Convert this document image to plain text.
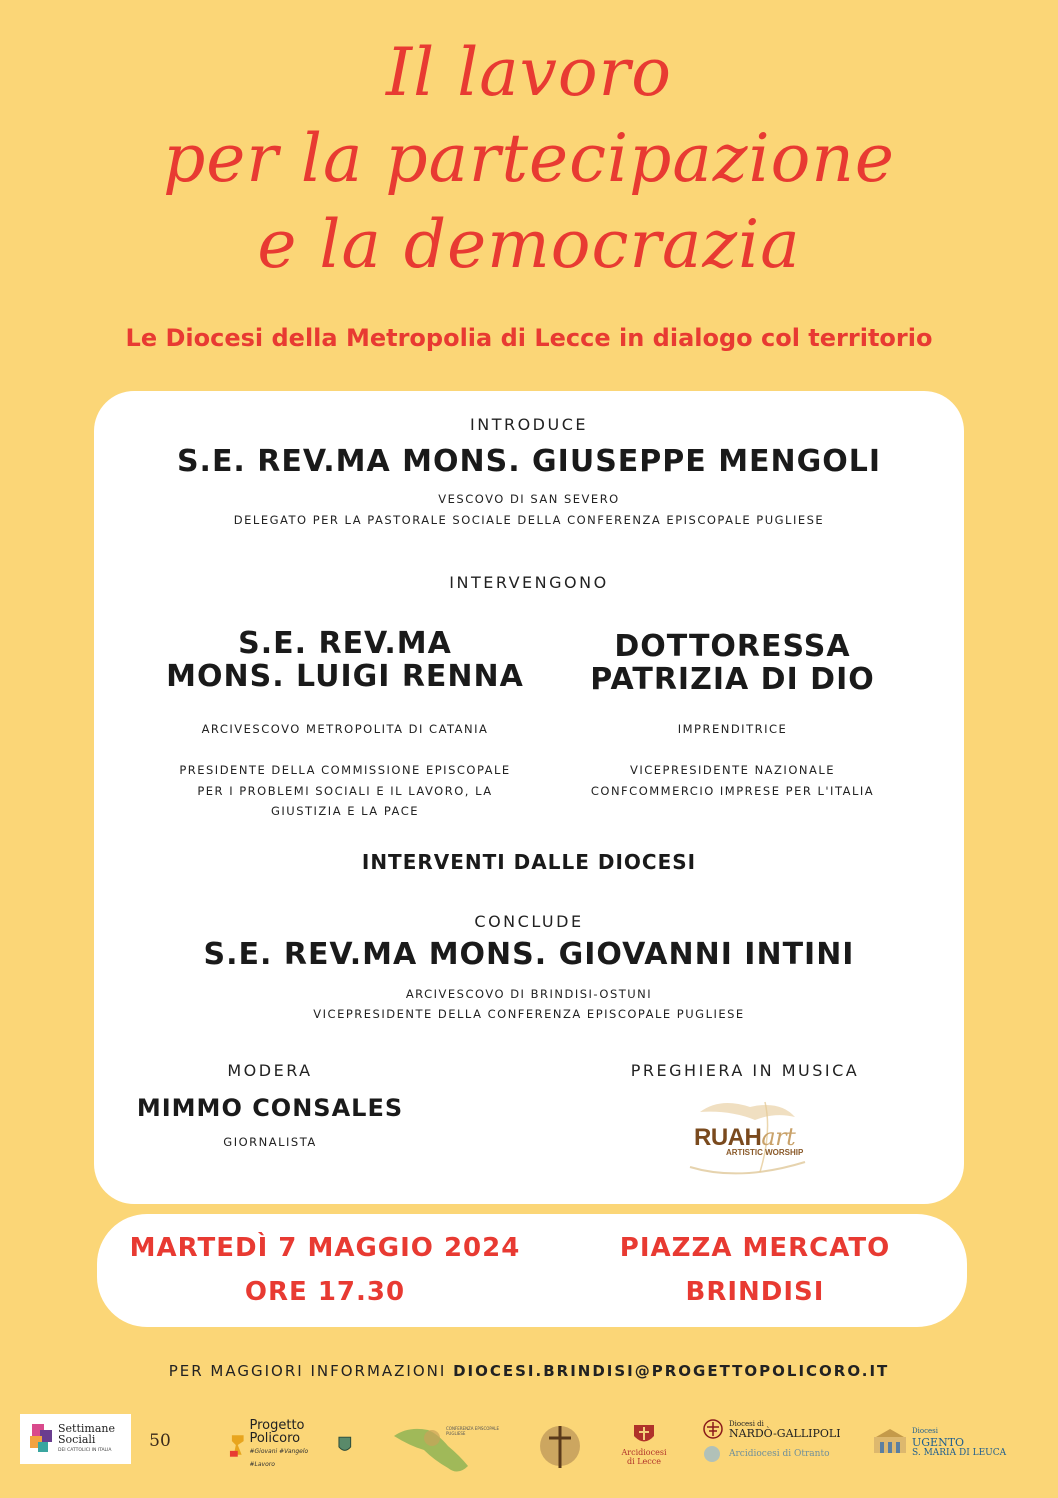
Il lavoro
per la partecipazione
e la democrazia
Le Diocesi della Metropolia di Lecce in dialogo col territorio
INTRODUCE
S.E. REV.MA MONS. GIUSEPPE MENGOLI
VESCOVO DI SAN SEVERO
DELEGATO PER LA PASTORALE SOCIALE DELLA CONFERENZA EPISCOPALE PUGLIESE
INTERVENGONO
S.E. REV.MA
MONS. LUIGI RENNA
ARCIVESCOVO METROPOLITA DI CATANIA
PRESIDENTE DELLA COMMISSIONE EPISCOPALE
PER I PROBLEMI SOCIALI E IL LAVORO, LA
GIUSTIZIA E LA PACE
DOTTORESSA
PATRIZIA DI DIO
IMPRENDITRICE
VICEPRESIDENTE NAZIONALE
CONFCOMMERCIO IMPRESE PER L'ITALIA
INTERVENTI DALLE DIOCESI
CONCLUDE
S.E. REV.MA MONS. GIOVANNI INTINI
ARCIVESCOVO DI BRINDISI-OSTUNI
VICEPRESIDENTE DELLA CONFERENZA EPISCOPALE PUGLIESE
MODERA
MIMMO CONSALES
GIORNALISTA
PREGHIERA IN MUSICA
RUAHart
ARTISTIC WORSHIP
MARTEDÌ 7 MAGGIO 2024
ORE 17.30
PIAZZA MERCATO
BRINDISI
PER MAGGIORI INFORMAZIONI DIOCESI.BRINDISI@PROGETTOPOLICORO.IT
Settimane
Sociali
DEI CATTOLICI IN ITALIA	50
Progetto
Policoro
#Giovani #Vangelo #Lavoro
CONFERENZA EPISCOPALE PUGLIESE
Arcidiocesi
di Lecce
Diocesi di
NARDÒ-GALLIPOLI
Arcidiocesi di Otranto
Diocesi
UGENTO
S. MARIA DI LEUCA
